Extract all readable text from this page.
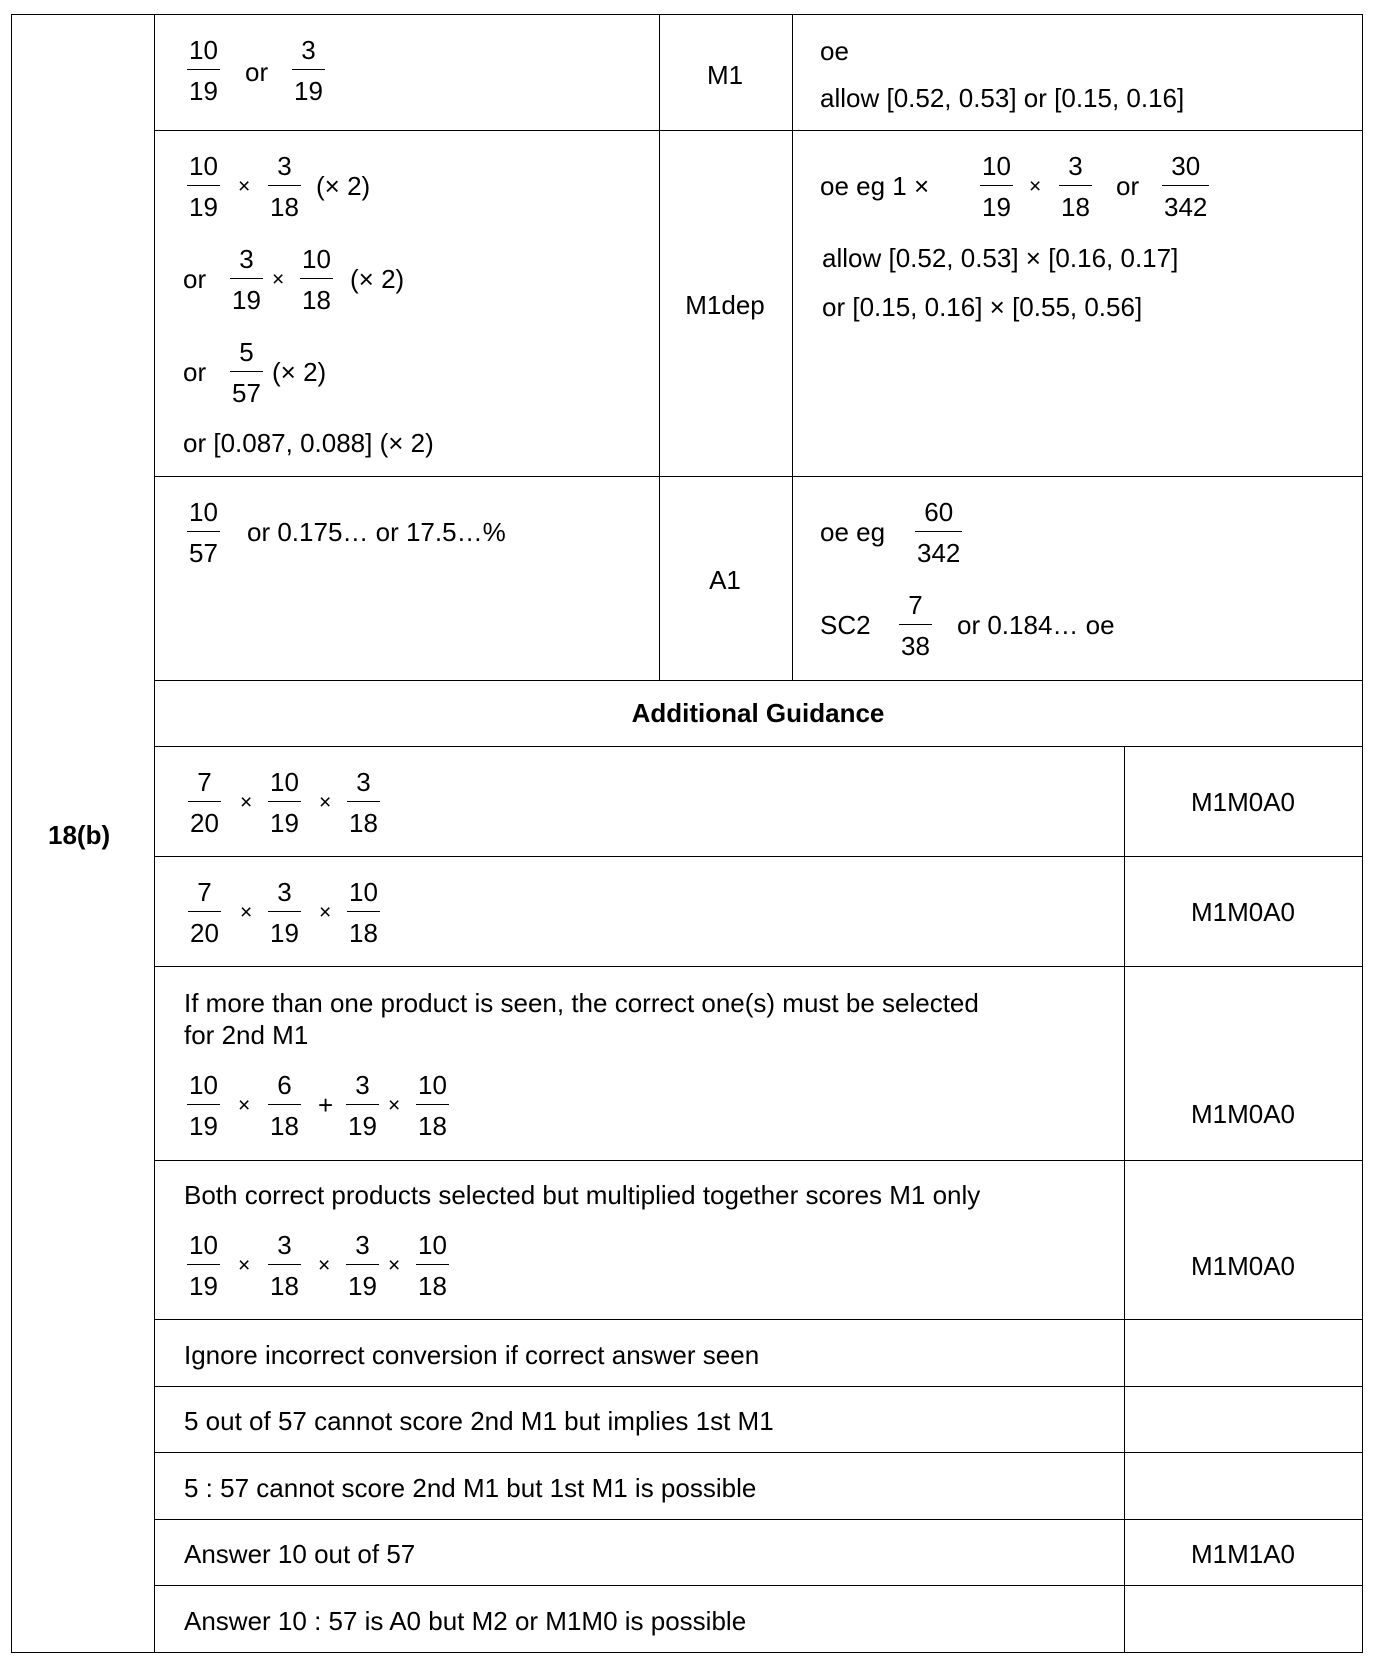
18(b)
10
19
or
3
19
M1
oe
allow [0.52, 0.53] or [0.15, 0.16]
10
19
×
3
18
(× 2)
or
3
19
×
10
18
(× 2)
or
5
57
(× 2)
or [0.087, 0.088] (× 2)
M1dep
oe eg 1 ×
10
19
×
3
18
or
30
342
allow [0.52, 0.53] × [0.16, 0.17]
or [0.15, 0.16] × [0.55, 0.56]
10
57
or 0.175… or 17.5…%
A1
oe eg
60
342
SC2
7
38
or 0.184… oe
Additional Guidance
7
20
×
10
19
×
3
18
M1M0A0
7
20
×
3
19
×
10
18
M1M0A0
If more than one product is seen, the correct one(s) must be selected
for 2nd M1
10
19
×
6
18
+
3
19
×
10
18	M1M0A0
Both correct products selected but multiplied together scores M1 only
10
19
×
3
18
×
3
19
×
10
18
M1M0A0
Ignore incorrect conversion if correct answer seen
5 out of 57 cannot score 2nd M1 but implies 1st M1
5 : 57 cannot score 2nd M1 but 1st M1 is possible
Answer 10 out of 57	M1M1A0
Answer 10 : 57 is A0 but M2 or M1M0 is possible
